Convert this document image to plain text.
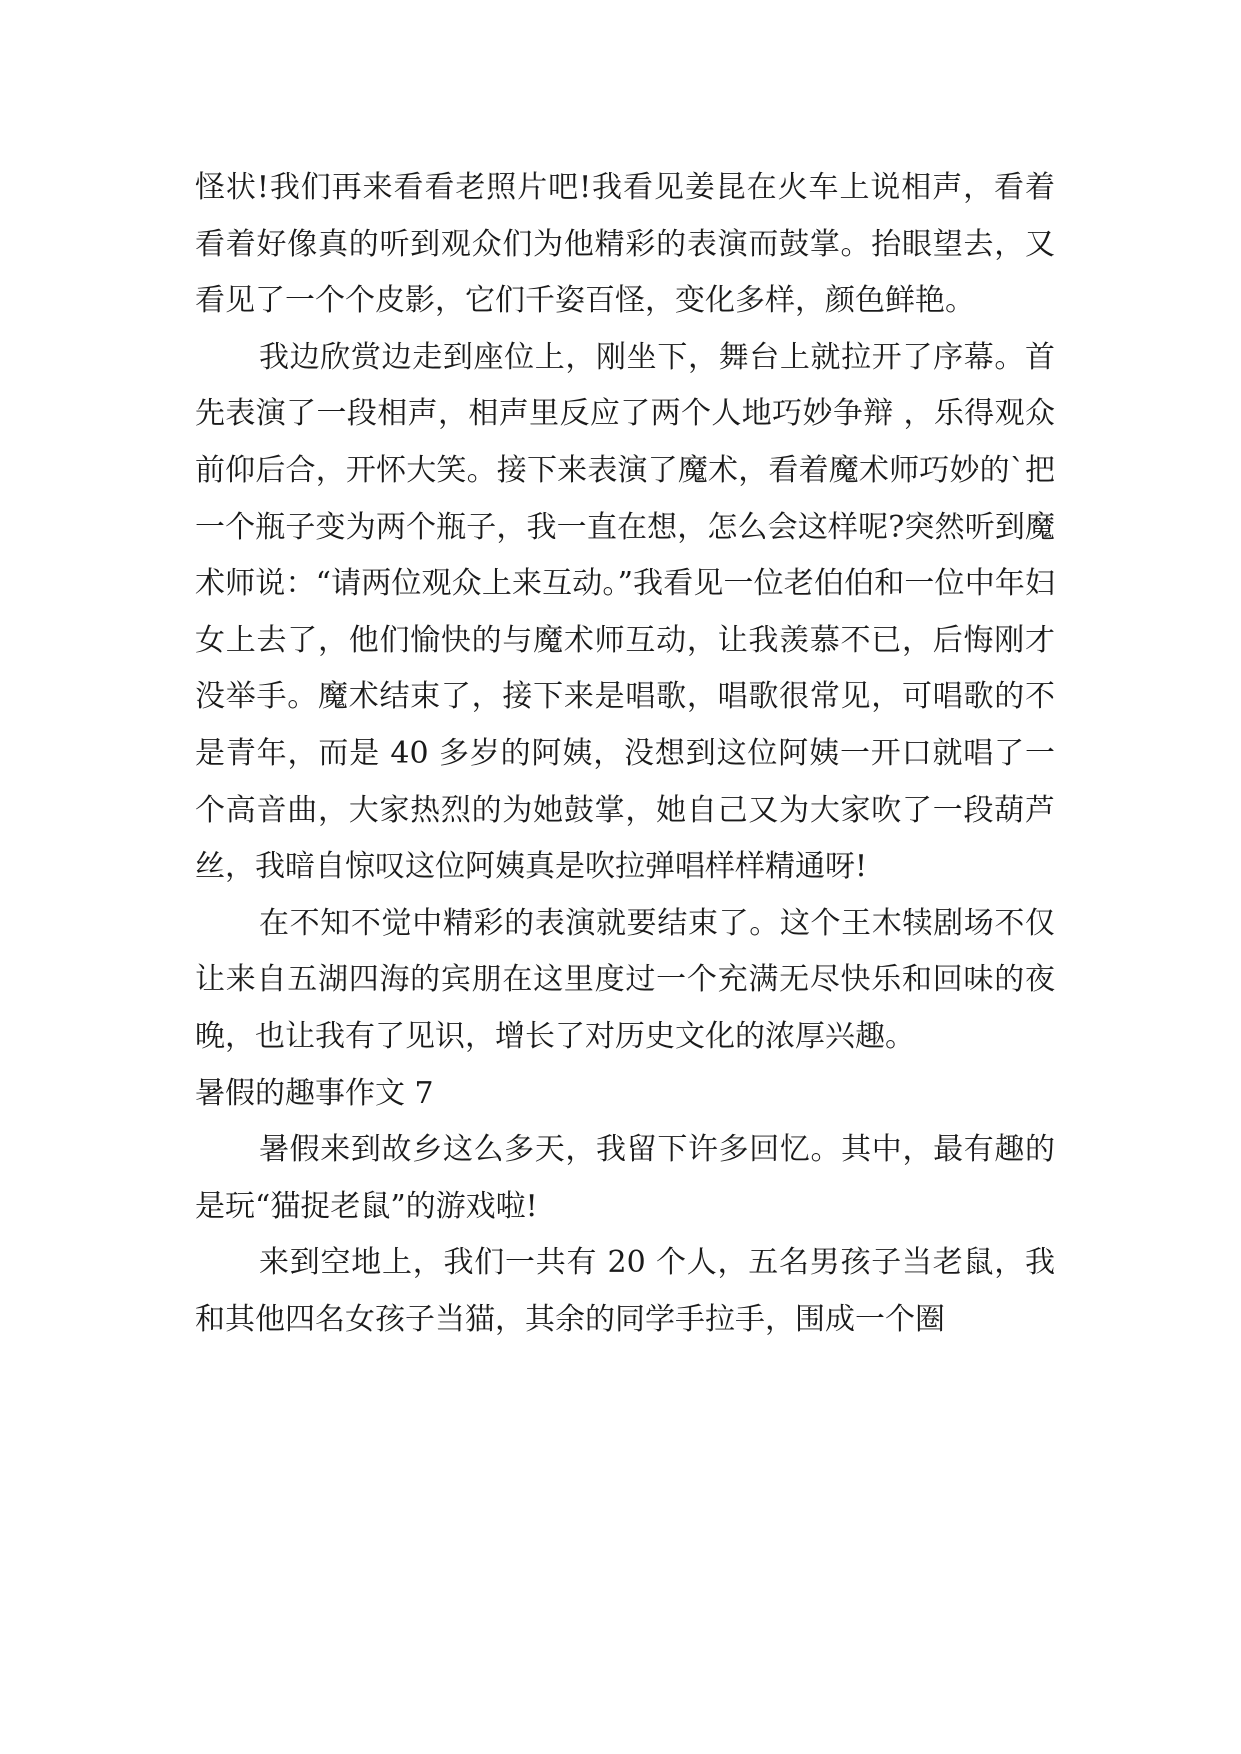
怪状!我们再来看看老照片吧!我看见姜昆在火车上说相声，看着看着好像真的听到观众们为他精彩的表演而鼓掌。抬眼望去，又看见了一个个皮影，它们千姿百怪，变化多样，颜色鲜艳。

我边欣赏边走到座位上，刚坐下，舞台上就拉开了序幕。首先表演了一段相声，相声里反应了两个人地巧妙争辩 ，乐得观众前仰后合，开怀大笑。接下来表演了魔术，看着魔术师巧妙的`把一个瓶子变为两个瓶子，我一直在想，怎么会这样呢?突然听到魔术师说：“请两位观众上来互动。”我看见一位老伯伯和一位中年妇女上去了，他们愉快的与魔术师互动，让我羡慕不已，后悔刚才没举手。魔术结束了，接下来是唱歌，唱歌很常见，可唱歌的不是青年，而是 40 多岁的阿姨，没想到这位阿姨一开口就唱了一个高音曲，大家热烈的为她鼓掌，她自己又为大家吹了一段葫芦丝，我暗自惊叹这位阿姨真是吹拉弹唱样样精通呀!

在不知不觉中精彩的表演就要结束了。这个王木犊剧场不仅让来自五湖四海的宾朋在这里度过一个充满无尽快乐和回味的夜晚，也让我有了见识，增长了对历史文化的浓厚兴趣。

暑假的趣事作文 7

暑假来到故乡这么多天，我留下许多回忆。其中，最有趣的是玩“猫捉老鼠”的游戏啦!

来到空地上，我们一共有 20 个人，五名男孩子当老鼠，我和其他四名女孩子当猫，其余的同学手拉手，围成一个圈
